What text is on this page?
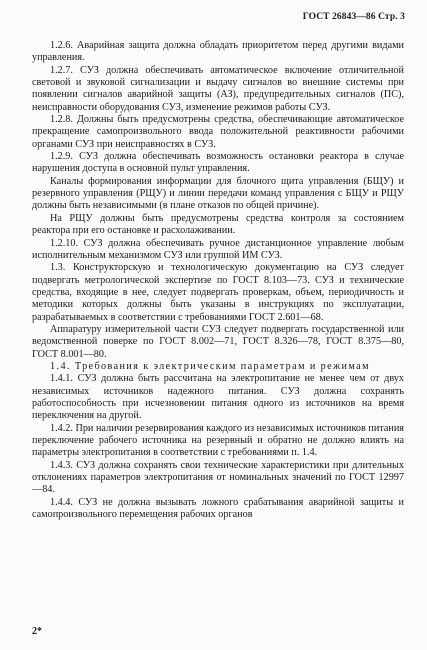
ГОСТ 26843—86 Стр. 3

1.2.6. Аварийная защита должна обладать приоритетом перед другими видами управления.

1.2.7. СУЗ должна обеспечивать автоматическое включение отличительной световой и звуковой сигнализации и выдачу сигналов во внешние системы при появлении сигналов аварийной защиты (АЗ), предупредительных сигналов (ПС), неисправности оборудования СУЗ, изменение режимов работы СУЗ.

1.2.8. Должны быть предусмотрены средства, обеспечивающие автоматическое прекращение самопроизвольного ввода положительной реактивности рабочими органами СУЗ при неисправностях в СУЗ.

1.2.9. СУЗ должна обеспечивать возможность остановки реактора в случае нарушения доступа в основной пульт управления.

Каналы формирования информации для блочного щита управления (БЩУ) и резервного управления (РЩУ) и линии передачи команд управления с БЩУ и РЩУ должны быть независимыми (в плане отказов по общей причине).

На РЩУ должны быть предусмотрены средства контроля за состоянием реактора при его остановке и расхолаживании.

1.2.10. СУЗ должна обеспечивать ручное дистанционное управление любым исполнительным механизмом СУЗ или группой ИМ СУЗ.

1.3. Конструкторскую и технологическую документацию на СУЗ следует подвергать метрологической экспертизе по ГОСТ 8.103—73. СУЗ и технические средства, входящие в нее, следует подвергать проверкам, объем, периодичность и методики которых должны быть указаны в инструкциях по эксплуатации, разрабатываемых в соответствии с требованиями ГОСТ 2.601—68.

Аппаратуру измерительной части СУЗ следует подвергать государственной или ведомственной поверке по ГОСТ 8.002—71, ГОСТ 8.326—78, ГОСТ 8.375—80, ГОСТ 8.001—80.

1.4. Требования к электрическим параметрам и режимам

1.4.1. СУЗ должна быть рассчитана на электропитание не менее чем от двух независимых источников надежного питания. СУЗ должна сохранять работоспособность при исчезновении питания одного из источников на время переключения на другой.

1.4.2. При наличии резервирования каждого из независимых источников питания переключение рабочего источника на резервный и обратно не должно влиять на параметры электропитания в соответствии с требованиями п. 1.4.

1.4.3. СУЗ должна сохранять свои технические характеристики при длительных отклонениях параметров электропитания от номинальных значений по ГОСТ 12997—84.

1.4.4. СУЗ не должна вызывать ложного срабатывания аварийной защиты и самопроизвольного перемещения рабочих органов

2*
